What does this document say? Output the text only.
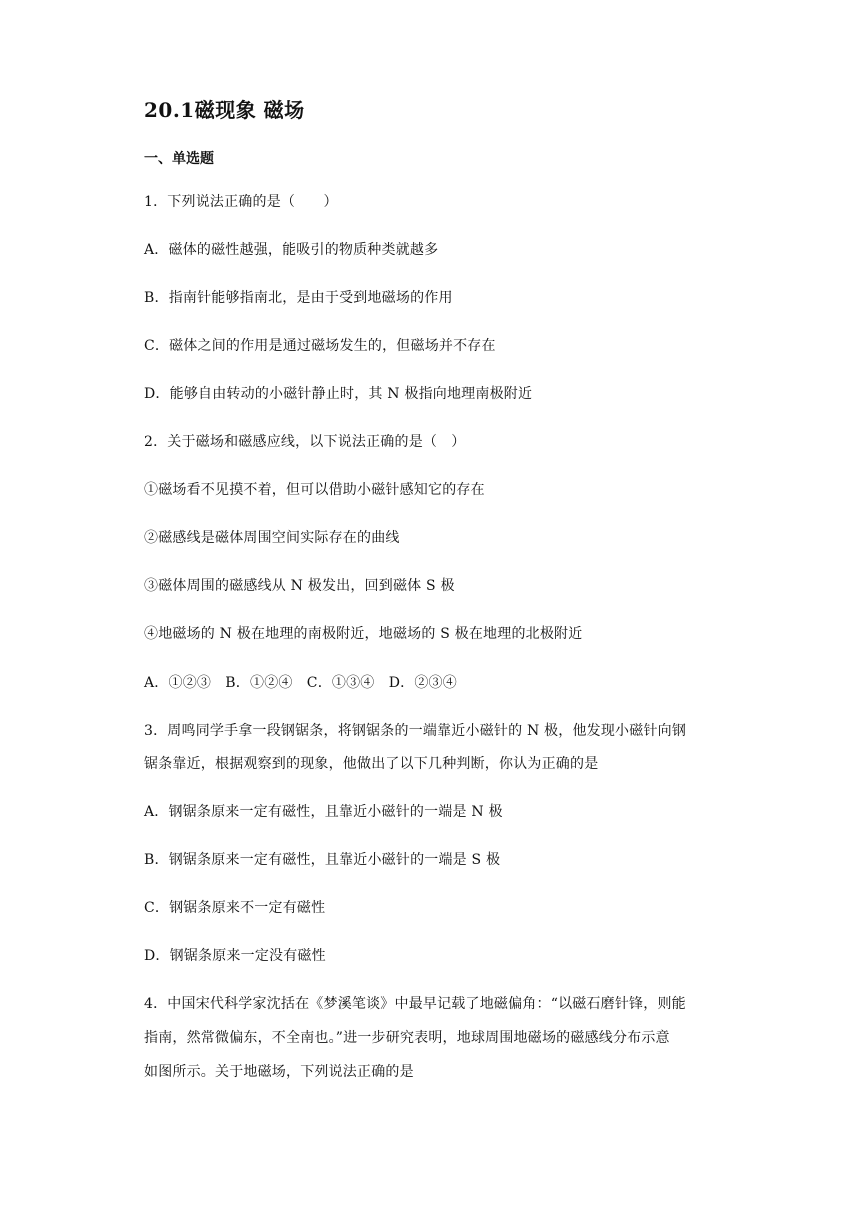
20.1磁现象 磁场
一、单选题
1．下列说法正确的是（　　）
A．磁体的磁性越强，能吸引的物质种类就越多
B．指南针能够指南北，是由于受到地磁场的作用
C．磁体之间的作用是通过磁场发生的，但磁场并不存在
D．能够自由转动的小磁针静止时，其 N 极指向地理南极附近
2．关于磁场和磁感应线，以下说法正确的是（　）
①磁场看不见摸不着，但可以借助小磁针感知它的存在
②磁感线是磁体周围空间实际存在的曲线
③磁体周围的磁感线从 N 极发出，回到磁体 S 极
④地磁场的 N 极在地理的南极附近，地磁场的 S 极在地理的北极附近
A．①②③　B．①②④　C．①③④　D．②③④
3．周鸣同学手拿一段钢锯条，将钢锯条的一端靠近小磁针的 N 极，他发现小磁针向钢
锯条靠近，根据观察到的现象，他做出了以下几种判断，你认为正确的是
A．钢锯条原来一定有磁性，且靠近小磁针的一端是 N 极
B．钢锯条原来一定有磁性，且靠近小磁针的一端是 S 极
C．钢锯条原来不一定有磁性
D．钢锯条原来一定没有磁性
4．中国宋代科学家沈括在《梦溪笔谈》中最早记载了地磁偏角：“以磁石磨针锋，则能
指南，然常微偏东，不全南也。”进一步研究表明，地球周围地磁场的磁感线分布示意
如图所示。关于地磁场，下列说法正确的是
